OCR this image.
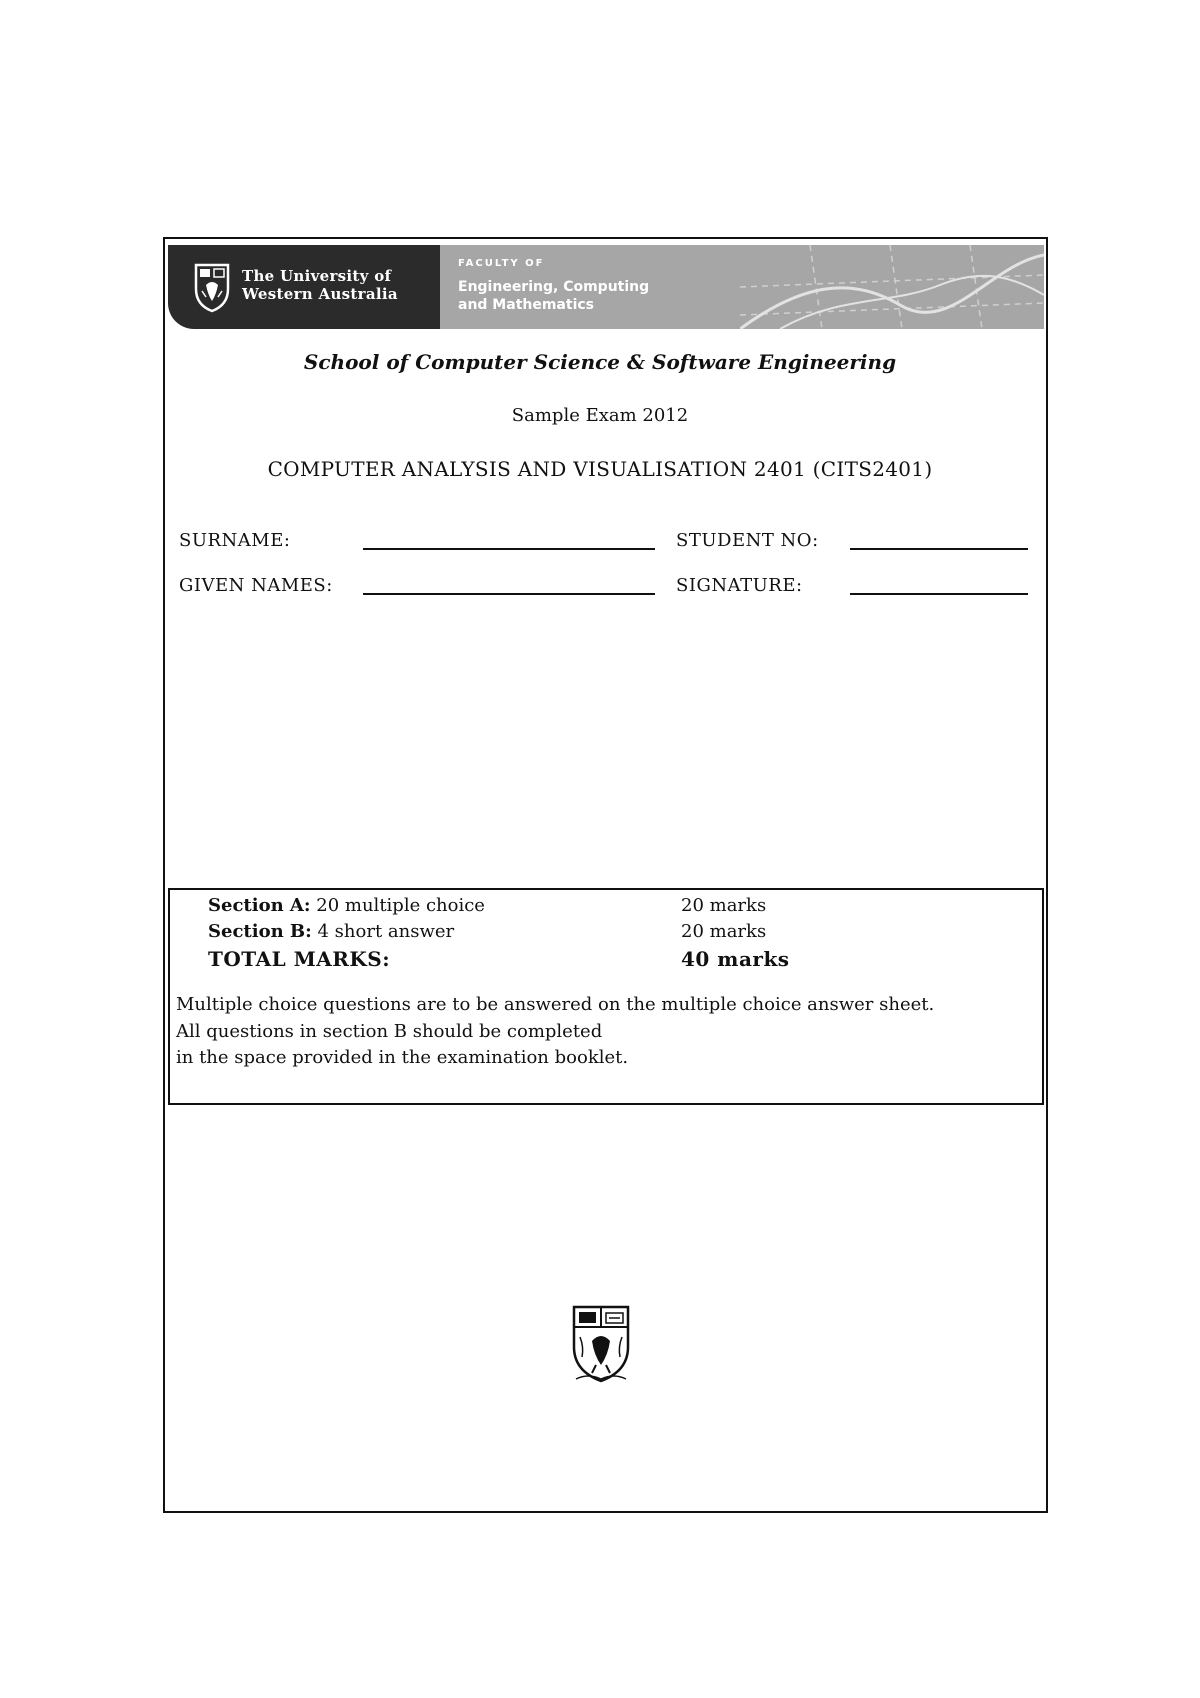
The University of
Western Australia
FACULTY OF
Engineering, Computing
and Mathematics
School of Computer Science & Software Engineering
Sample Exam 2012
COMPUTER ANALYSIS AND VISUALISATION 2401 (CITS2401)
SURNAME:	STUDENT NO:
GIVEN NAMES:	SIGNATURE:
Section A: 20 multiple choice	20 marks
Section B: 4 short answer	20 marks
TOTAL MARKS:	40 marks
Multiple choice questions are to be answered on the multiple choice answer sheet.
All questions in section B should be completed
in the space provided in the examination booklet.
